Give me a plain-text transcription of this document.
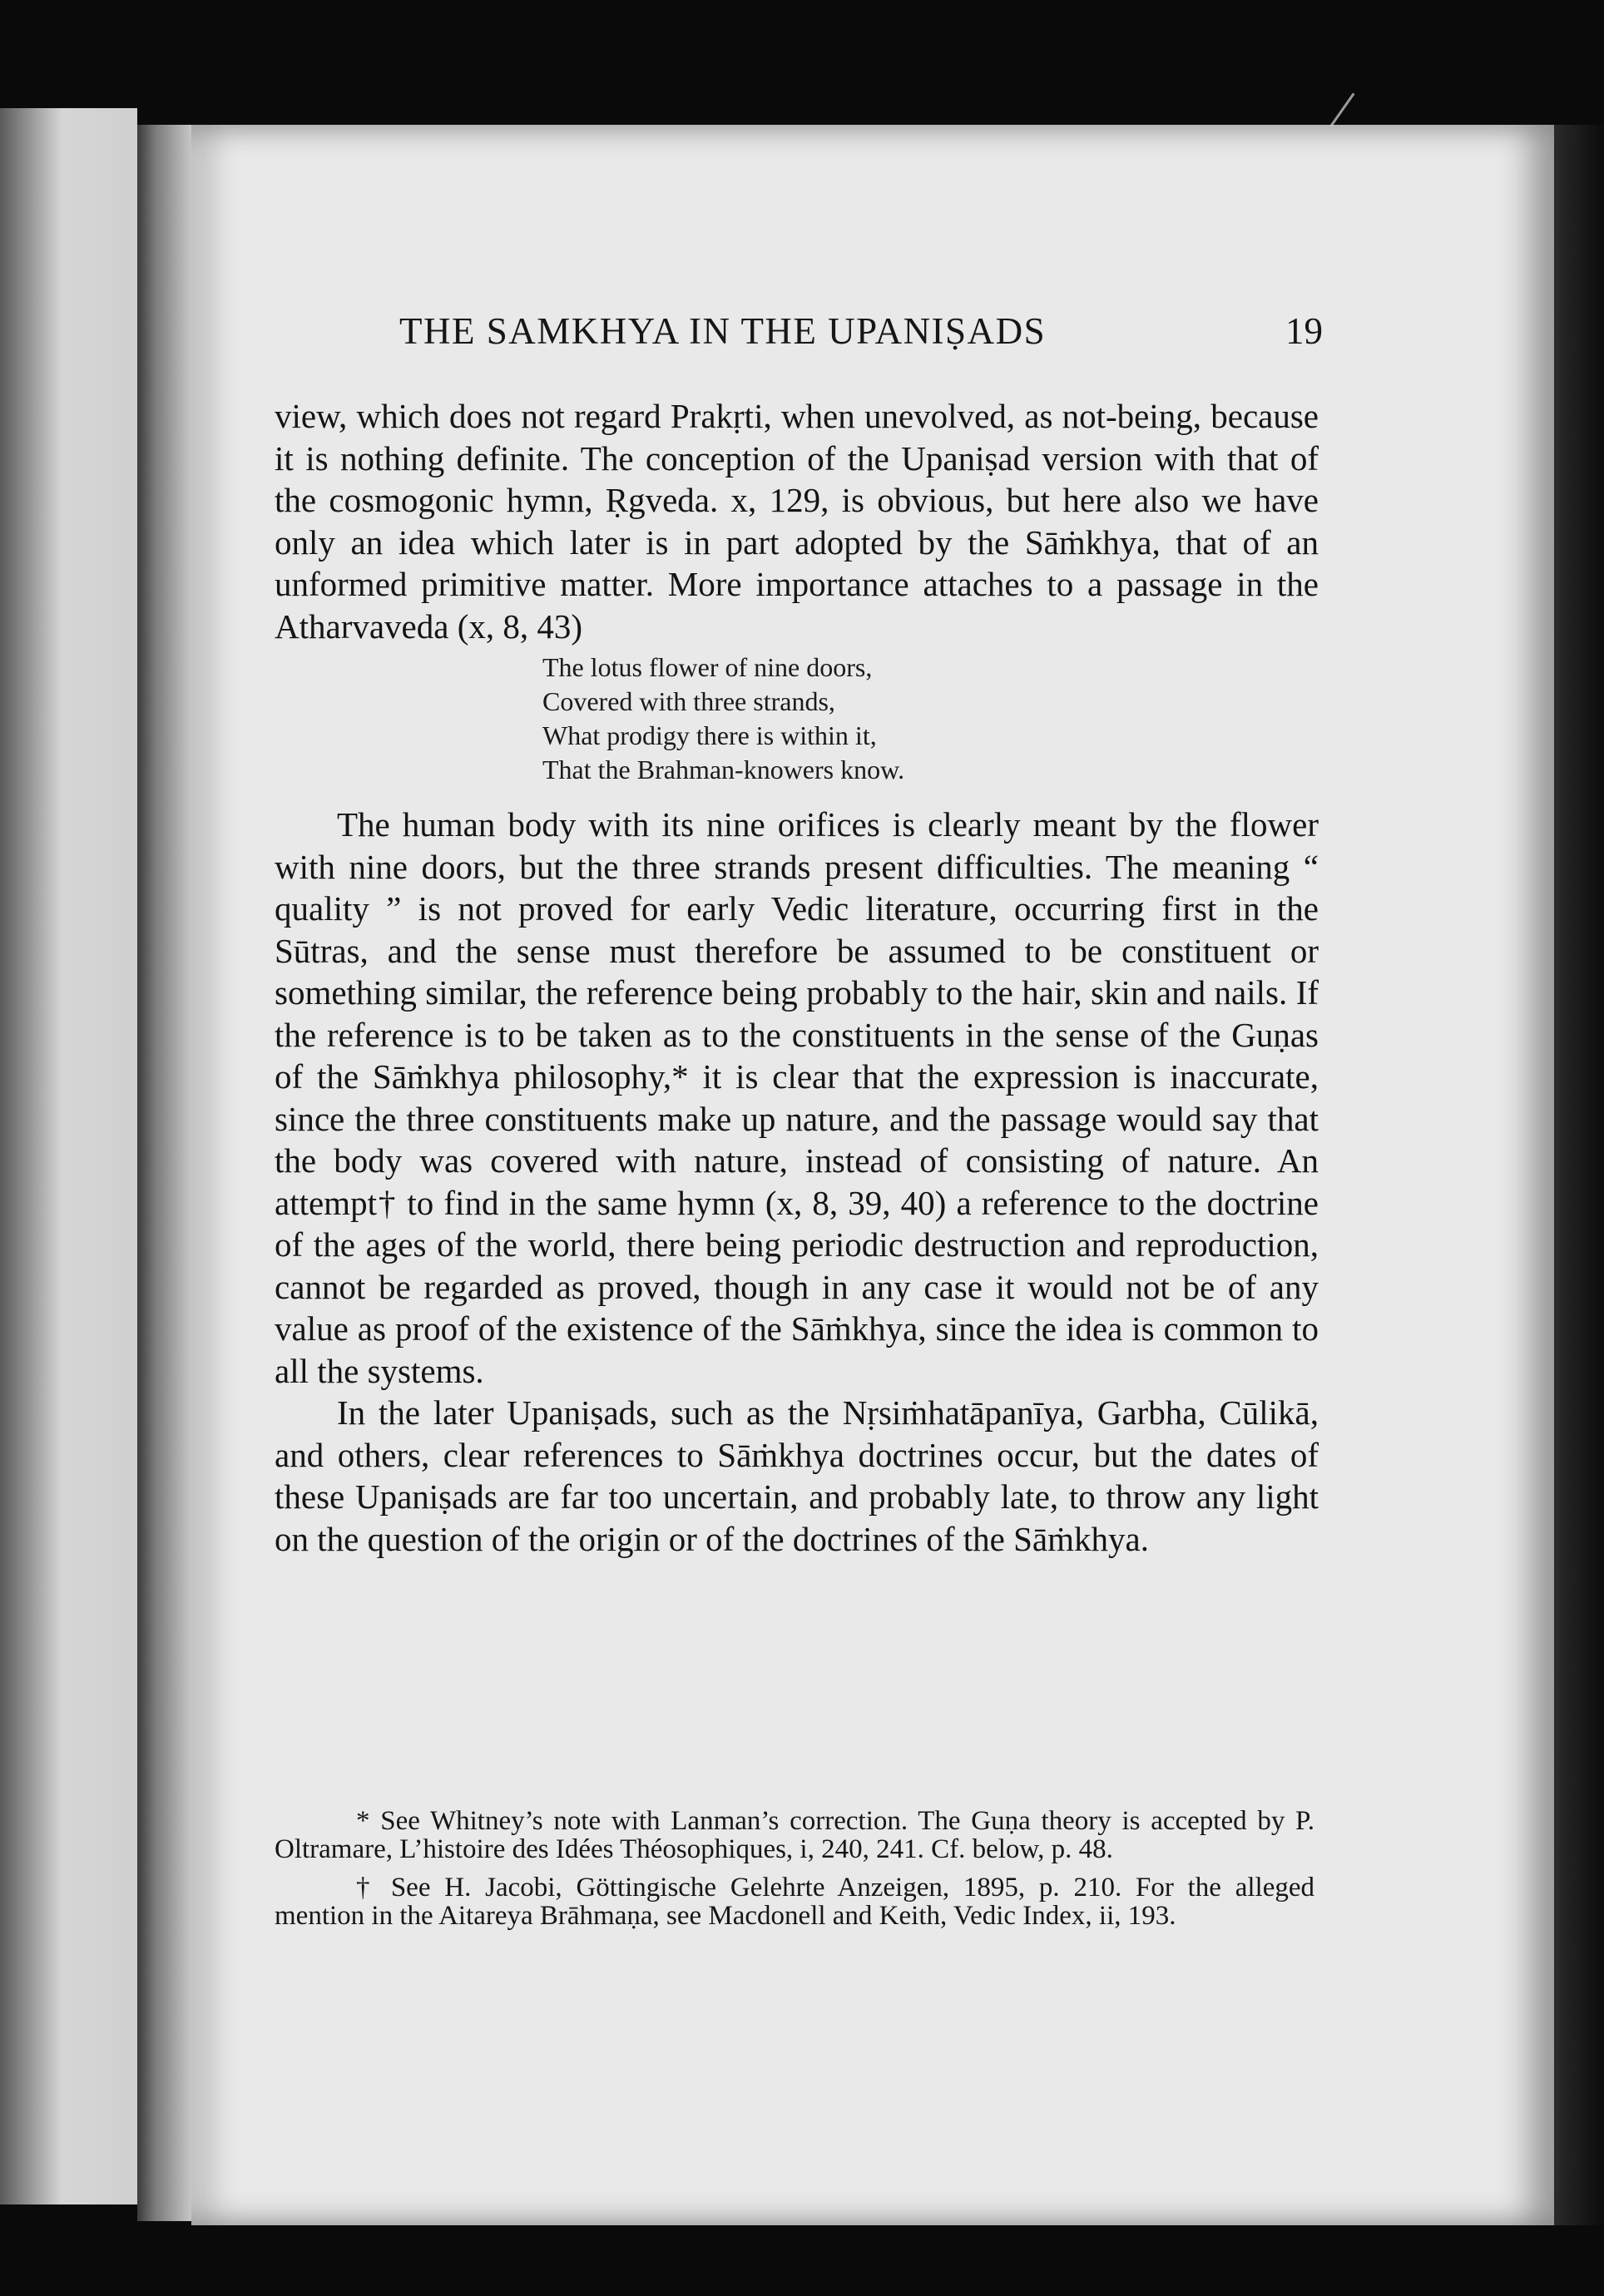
THE SAMKHYA IN THE UPANIṢADS	19

view, which does not regard Prakṛti, when unevolved, as not-being, because it is nothing definite. The conception of the Upaniṣad version with that of the cosmogonic hymn, Ṛgveda. x, 129, is obvious, but here also we have only an idea which later is in part adopted by the Sāṁkhya, that of an unformed primitive matter. More importance attaches to a passage in the Atharvaveda (x, 8, 43)

The lotus flower of nine doors,
Covered with three strands,
What prodigy there is within it,
That the Brahman-knowers know.

The human body with its nine orifices is clearly meant by the flower with nine doors, but the three strands present difficulties. The meaning “ quality ” is not proved for early Vedic literature, occurring first in the Sūtras, and the sense must therefore be assumed to be constituent or something similar, the reference being probably to the hair, skin and nails. If the reference is to be taken as to the constituents in the sense of the Guṇas of the Sāṁkhya philosophy,* it is clear that the expression is inaccurate, since the three constituents make up nature, and the passage would say that the body was covered with nature, instead of consisting of nature. An attempt† to find in the same hymn (x, 8, 39, 40) a reference to the doctrine of the ages of the world, there being periodic destruction and reproduction, cannot be regarded as proved, though in any case it would not be of any value as proof of the existence of the Sāṁkhya, since the idea is common to all the systems.

In the later Upaniṣads, such as the Nṛsiṁhatāpanīya, Garbha, Cūlikā, and others, clear references to Sāṁkhya doctrines occur, but the dates of these Upaniṣads are far too uncertain, and probably late, to throw any light on the question of the origin or of the doctrines of the Sāṁkhya.

* See Whitney’s note with Lanman’s correction. The Guṇa theory is accepted by P. Oltramare, L’histoire des Idées Théosophiques, i, 240, 241. Cf. below, p. 48.

† See H. Jacobi, Göttingische Gelehrte Anzeigen, 1895, p. 210. For the alleged mention in the Aitareya Brāhmaṇa, see Macdonell and Keith, Vedic Index, ii, 193.
